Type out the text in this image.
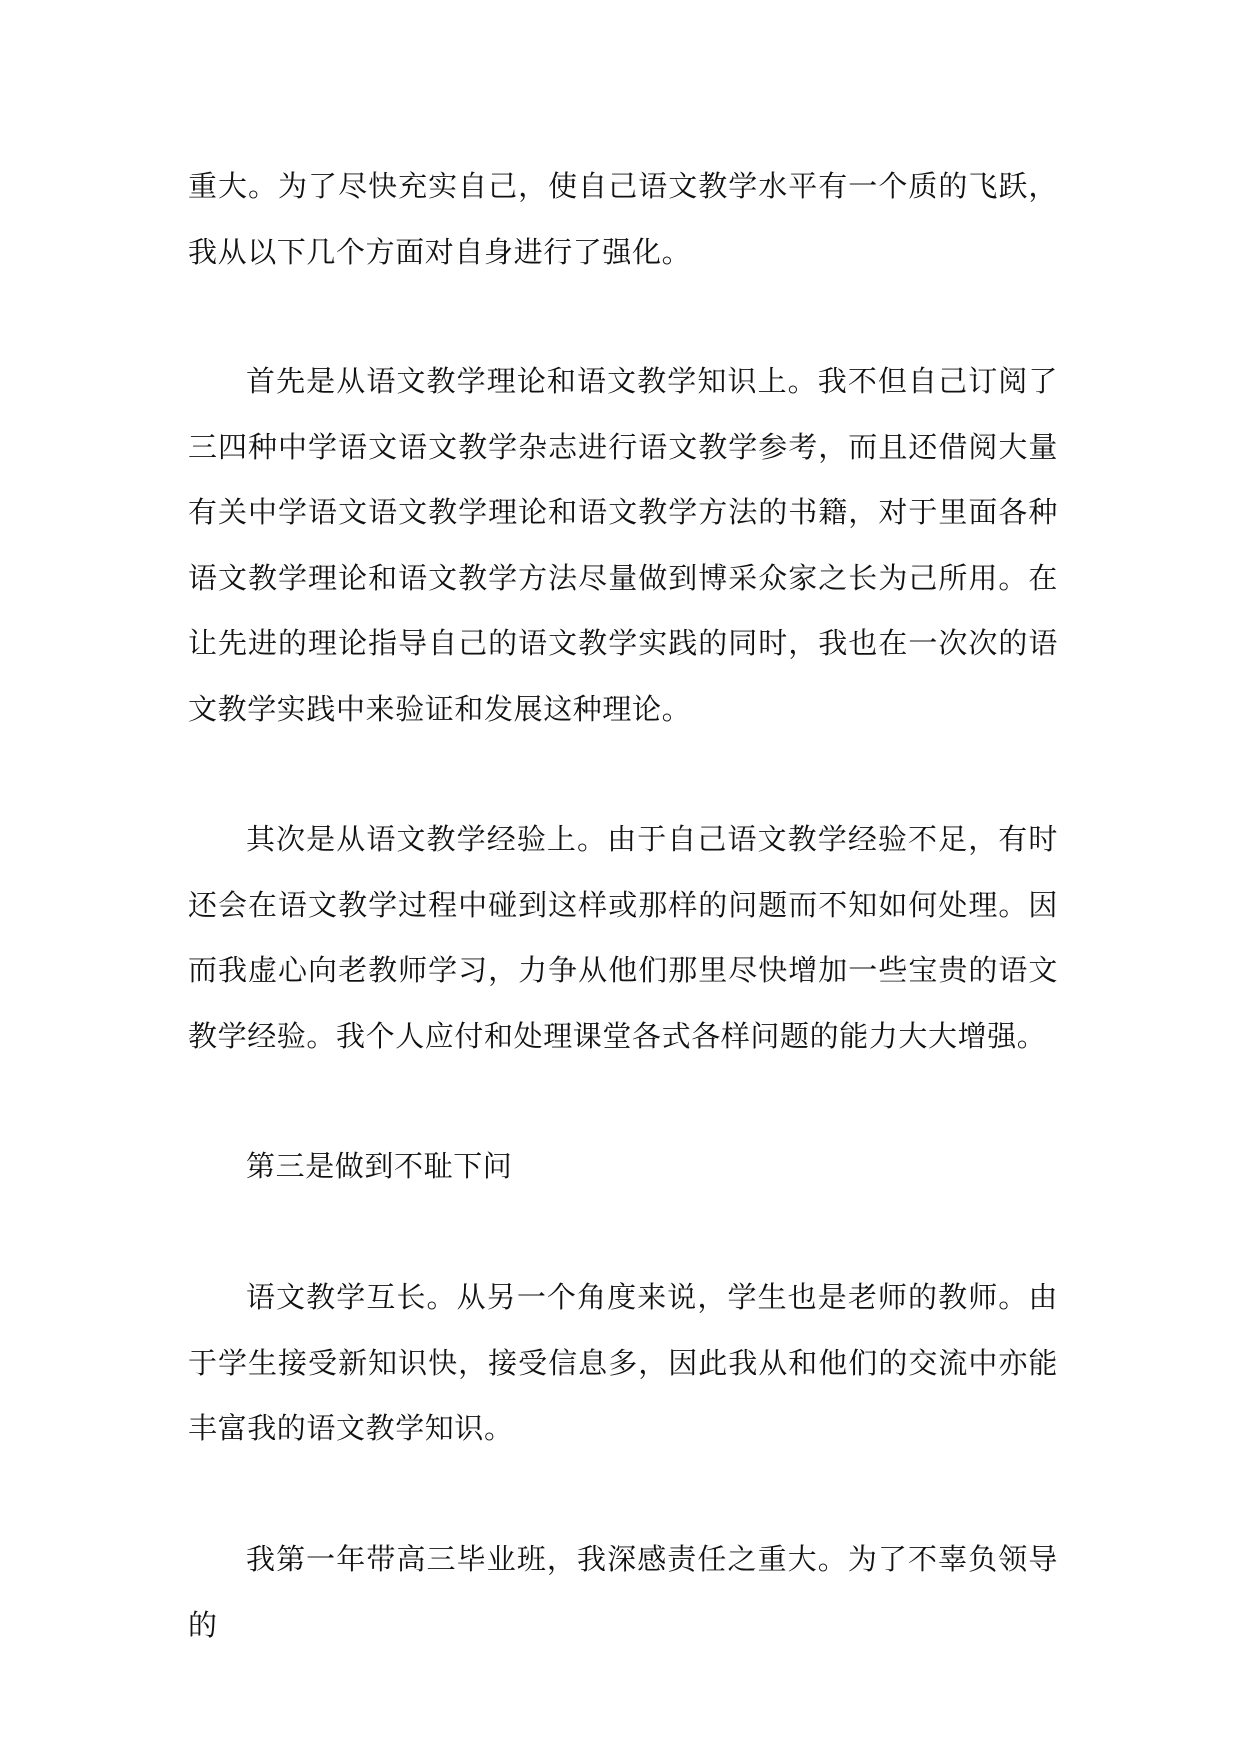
重大。为了尽快充实自己，使自己语文教学水平有一个质的飞跃，我从以下几个方面对自身进行了强化。

首先是从语文教学理论和语文教学知识上。我不但自己订阅了三四种中学语文语文教学杂志进行语文教学参考，而且还借阅大量有关中学语文语文教学理论和语文教学方法的书籍，对于里面各种语文教学理论和语文教学方法尽量做到博采众家之长为己所用。在让先进的理论指导自己的语文教学实践的同时，我也在一次次的语文教学实践中来验证和发展这种理论。

其次是从语文教学经验上。由于自己语文教学经验不足，有时还会在语文教学过程中碰到这样或那样的问题而不知如何处理。因而我虚心向老教师学习，力争从他们那里尽快增加一些宝贵的语文教学经验。我个人应付和处理课堂各式各样问题的能力大大增强。

第三是做到不耻下问

语文教学互长。从另一个角度来说，学生也是老师的教师。由于学生接受新知识快，接受信息多，因此我从和他们的交流中亦能丰富我的语文教学知识。

我第一年带高三毕业班，我深感责任之重大。为了不辜负领导的
